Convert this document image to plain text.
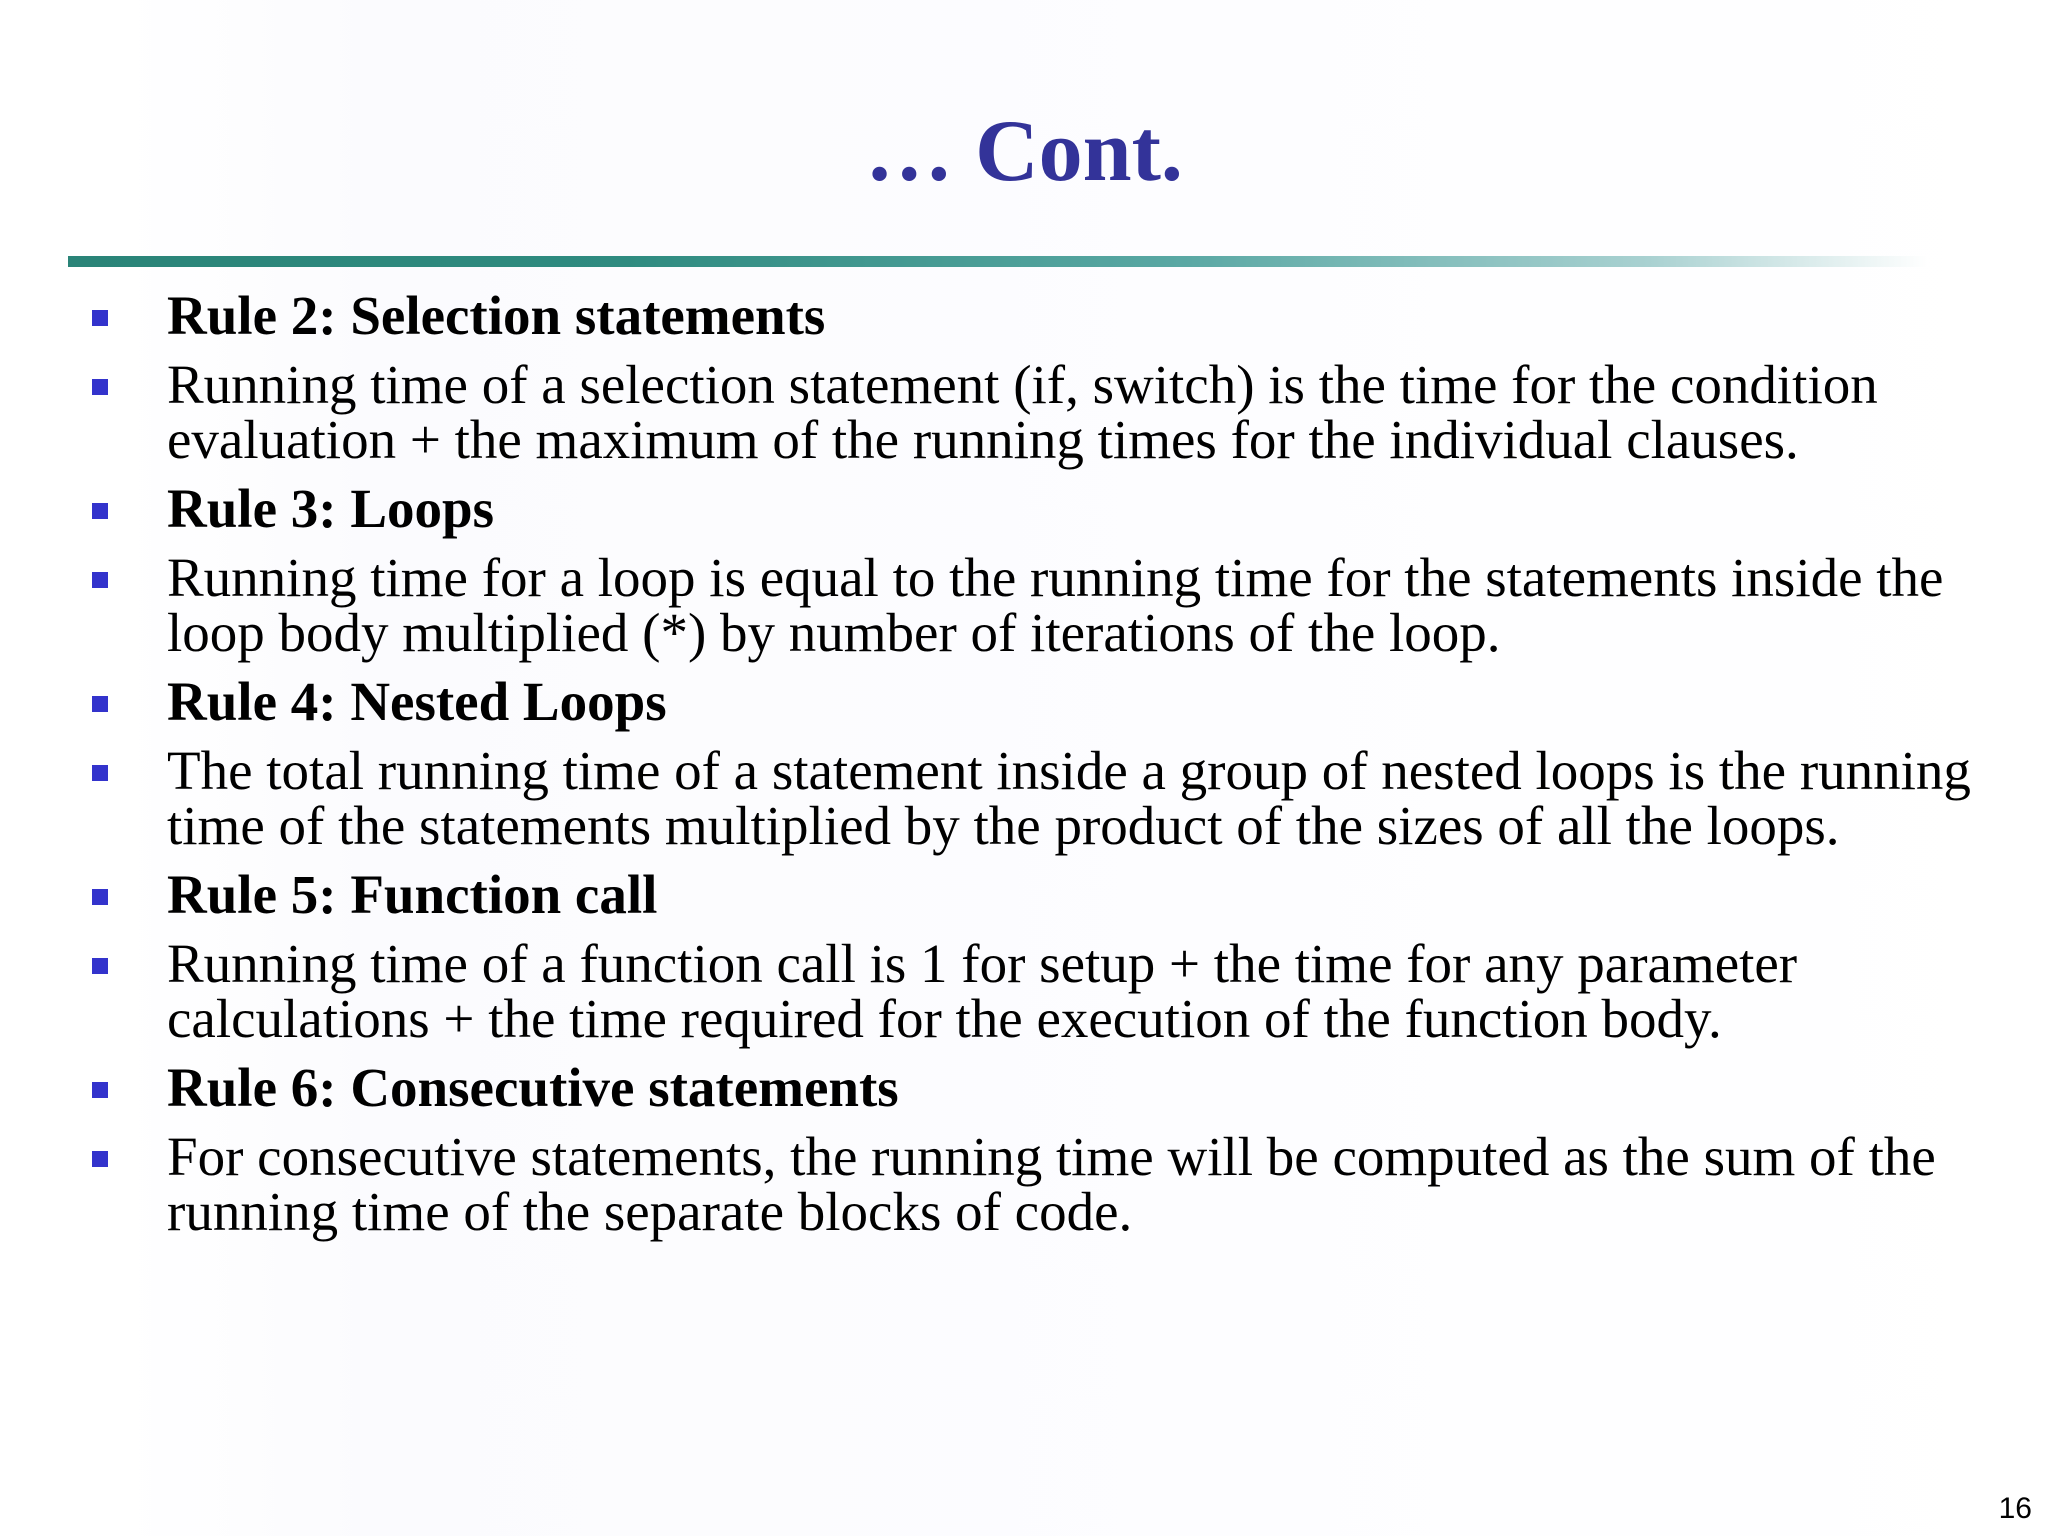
… Cont.
Rule 2: Selection statements
Running time of a selection statement (if, switch) is the time for the condition evaluation + the maximum of the running times for the individual clauses.
Rule 3: Loops
Running time for a loop is equal to the running time for the statements inside the loop body multiplied (*) by number of iterations of the loop.
Rule 4: Nested Loops
The total running time of a statement inside a group of nested loops is the running time of the statements multiplied by the product of the sizes of all the loops.
Rule 5: Function call
Running time of a function call is 1 for setup + the time for any parameter calculations + the time required for the execution of the function body.
Rule 6: Consecutive statements
For consecutive statements, the running time will be computed as the sum of the running time of the separate blocks of code.
16
